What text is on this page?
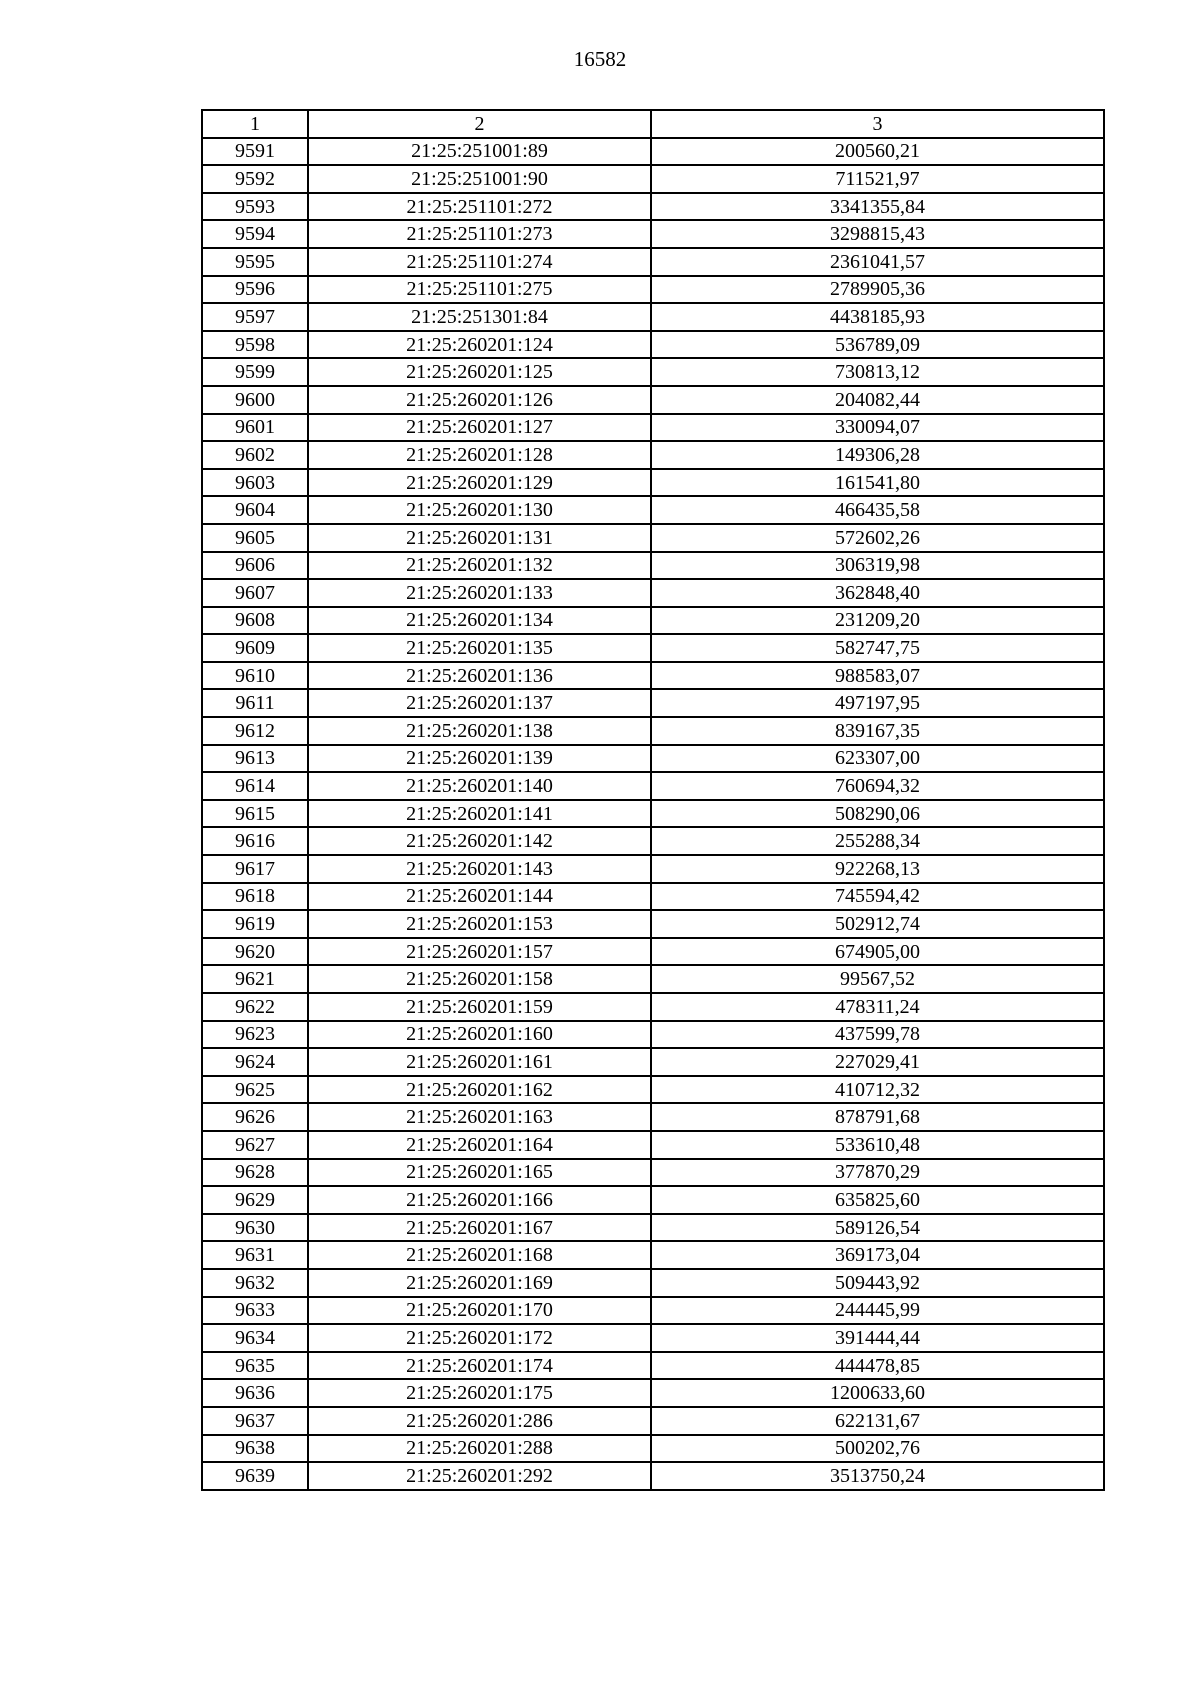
16582
1	2	3
9591	21:25:251001:89	200560,21
9592	21:25:251001:90	711521,97
9593	21:25:251101:272	3341355,84
9594	21:25:251101:273	3298815,43
9595	21:25:251101:274	2361041,57
9596	21:25:251101:275	2789905,36
9597	21:25:251301:84	4438185,93
9598	21:25:260201:124	536789,09
9599	21:25:260201:125	730813,12
9600	21:25:260201:126	204082,44
9601	21:25:260201:127	330094,07
9602	21:25:260201:128	149306,28
9603	21:25:260201:129	161541,80
9604	21:25:260201:130	466435,58
9605	21:25:260201:131	572602,26
9606	21:25:260201:132	306319,98
9607	21:25:260201:133	362848,40
9608	21:25:260201:134	231209,20
9609	21:25:260201:135	582747,75
9610	21:25:260201:136	988583,07
9611	21:25:260201:137	497197,95
9612	21:25:260201:138	839167,35
9613	21:25:260201:139	623307,00
9614	21:25:260201:140	760694,32
9615	21:25:260201:141	508290,06
9616	21:25:260201:142	255288,34
9617	21:25:260201:143	922268,13
9618	21:25:260201:144	745594,42
9619	21:25:260201:153	502912,74
9620	21:25:260201:157	674905,00
9621	21:25:260201:158	99567,52
9622	21:25:260201:159	478311,24
9623	21:25:260201:160	437599,78
9624	21:25:260201:161	227029,41
9625	21:25:260201:162	410712,32
9626	21:25:260201:163	878791,68
9627	21:25:260201:164	533610,48
9628	21:25:260201:165	377870,29
9629	21:25:260201:166	635825,60
9630	21:25:260201:167	589126,54
9631	21:25:260201:168	369173,04
9632	21:25:260201:169	509443,92
9633	21:25:260201:170	244445,99
9634	21:25:260201:172	391444,44
9635	21:25:260201:174	444478,85
9636	21:25:260201:175	1200633,60
9637	21:25:260201:286	622131,67
9638	21:25:260201:288	500202,76
9639	21:25:260201:292	3513750,24
